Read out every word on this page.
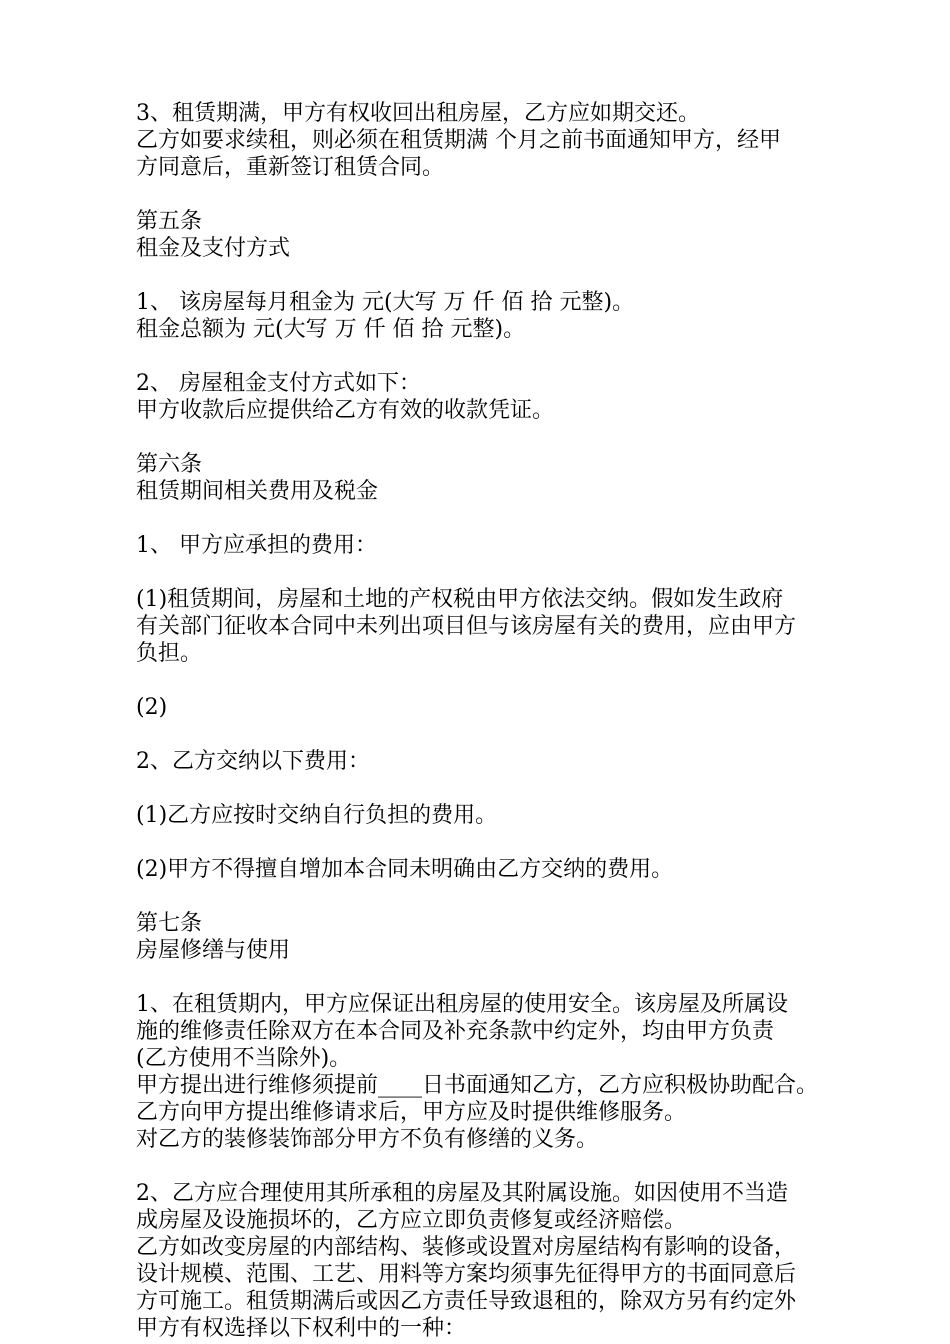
3、租赁期满，甲方有权收回出租房屋，乙方应如期交还。
乙方如要求续租，则必须在租赁期满 个月之前书面通知甲方，经甲
方同意后，重新签订租赁合同。
第五条
租金及支付方式
1、 该房屋每月租金为 元(大写 万 仟 佰 拾 元整)。
租金总额为 元(大写 万 仟 佰 拾 元整)。
2、 房屋租金支付方式如下：
甲方收款后应提供给乙方有效的收款凭证。
第六条
租赁期间相关费用及税金
1、 甲方应承担的费用：
(1)租赁期间，房屋和土地的产权税由甲方依法交纳。假如发生政府
有关部门征收本合同中未列出项目但与该房屋有关的费用，应由甲方
负担。
(2)
2、乙方交纳以下费用：
(1)乙方应按时交纳自行负担的费用。
(2)甲方不得擅自增加本合同未明确由乙方交纳的费用。
第七条
房屋修缮与使用
1、在租赁期内，甲方应保证出租房屋的使用安全。该房屋及所属设
施的维修责任除双方在本合同及补充条款中约定外，均由甲方负责
(乙方使用不当除外)。
甲方提出进行维修须提前____日书面通知乙方，乙方应积极协助配合。
乙方向甲方提出维修请求后，甲方应及时提供维修服务。
对乙方的装修装饰部分甲方不负有修缮的义务。
2、乙方应合理使用其所承租的房屋及其附属设施。如因使用不当造
成房屋及设施损坏的，乙方应立即负责修复或经济赔偿。
乙方如改变房屋的内部结构、装修或设置对房屋结构有影响的设备，
设计规模、范围、工艺、用料等方案均须事先征得甲方的书面同意后
方可施工。租赁期满后或因乙方责任导致退租的，除双方另有约定外
甲方有权选择以下权利中的一种：
